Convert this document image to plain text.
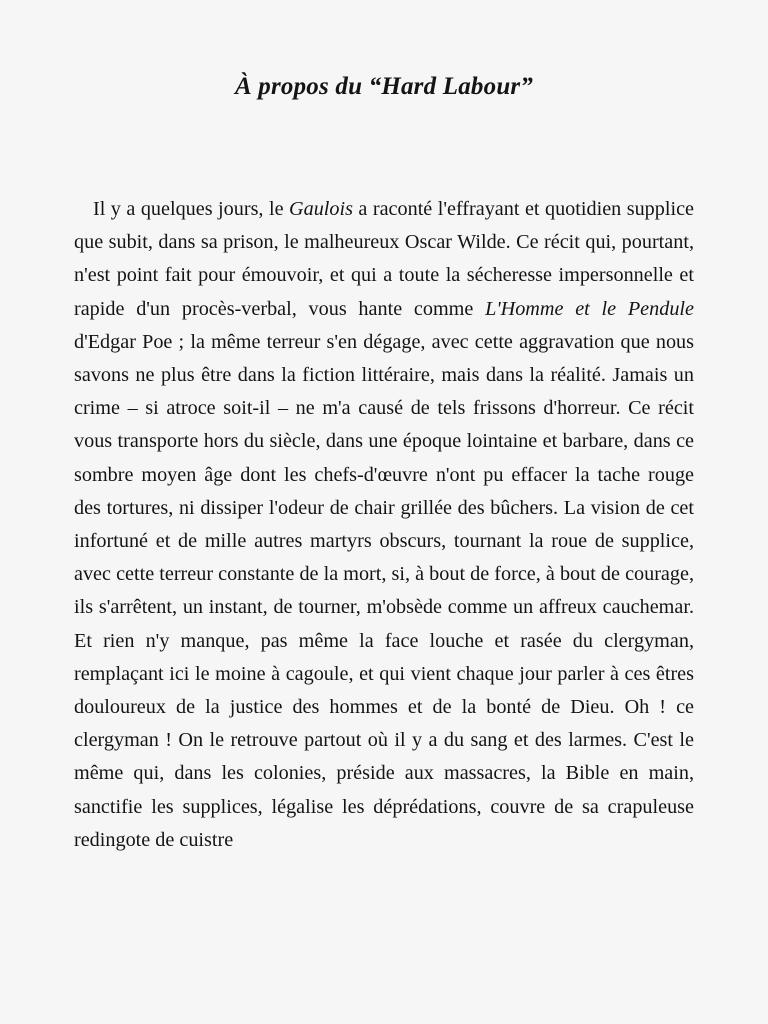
À propos du “Hard Labour”

Il y a quelques jours, le Gaulois a raconté l'effrayant et quotidien supplice que subit, dans sa prison, le malheureux Oscar Wilde. Ce récit qui, pourtant, n'est point fait pour émouvoir, et qui a toute la sécheresse impersonnelle et rapide d'un procès-verbal, vous hante comme L'Homme et le Pendule d'Edgar Poe ; la même terreur s'en dégage, avec cette aggravation que nous savons ne plus être dans la fiction littéraire, mais dans la réalité. Jamais un crime – si atroce soit-il – ne m'a causé de tels frissons d'horreur. Ce récit vous transporte hors du siècle, dans une époque lointaine et barbare, dans ce sombre moyen âge dont les chefs-d'œuvre n'ont pu effacer la tache rouge des tortures, ni dissiper l'odeur de chair grillée des bûchers. La vision de cet infortuné et de mille autres martyrs obscurs, tournant la roue de supplice, avec cette terreur constante de la mort, si, à bout de force, à bout de courage, ils s'arrêtent, un instant, de tourner, m'obsède comme un affreux cauchemar. Et rien n'y manque, pas même la face louche et rasée du clergyman, remplaçant ici le moine à cagoule, et qui vient chaque jour parler à ces êtres douloureux de la justice des hommes et de la bonté de Dieu. Oh ! ce clergyman ! On le retrouve partout où il y a du sang et des larmes. C'est le même qui, dans les colonies, préside aux massacres, la Bible en main, sanctifie les supplices, légalise les déprédations, couvre de sa crapuleuse redingote de cuistre
